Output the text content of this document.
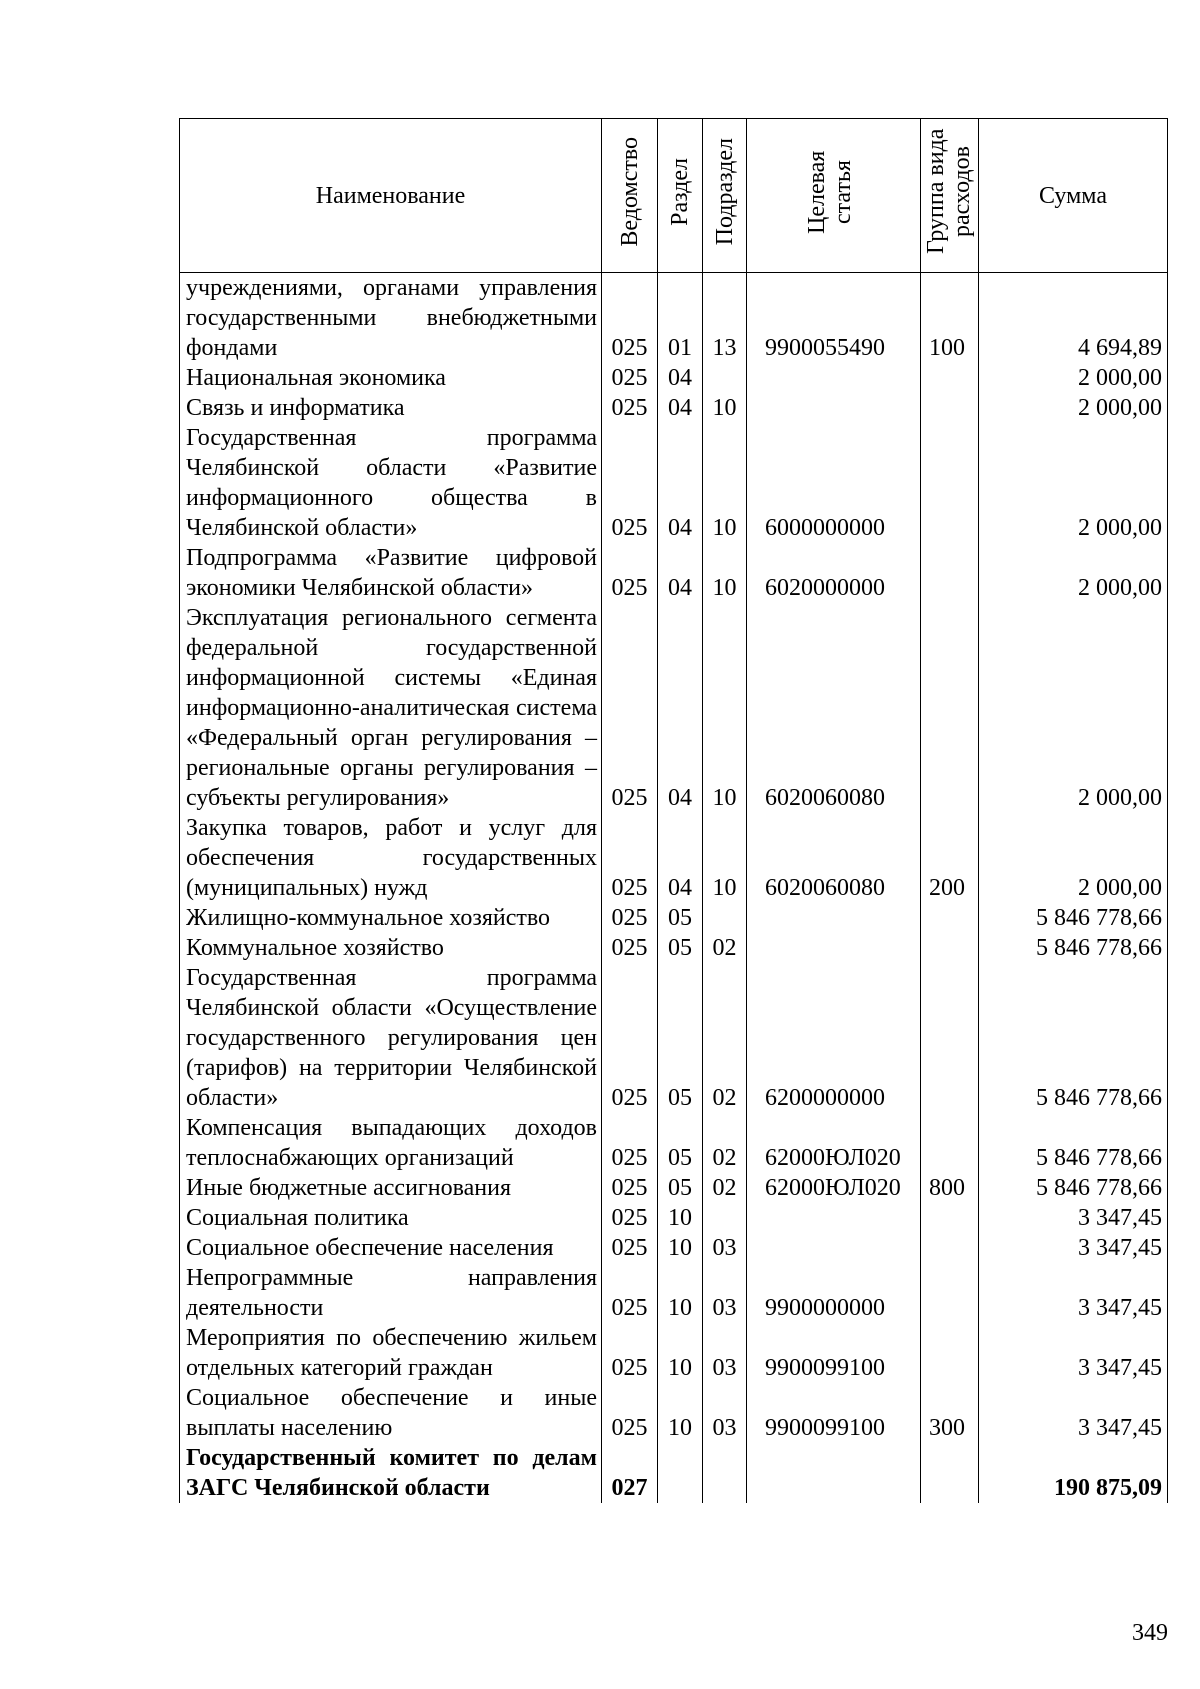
Наименование	Ведомство	Раздел	Подраздел	Целевая статья	Группа вида расходов	Сумма
учреждениями, органами управления государственными внебюджетными фондами	025	01	13	9900055490	100	4 694,89
Национальная экономика	025	04				2 000,00
Связь и информатика	025	04	10			2 000,00
Государственная программа Челябинской области «Развитие информационного общества в Челябинской области»	025	04	10	6000000000		2 000,00
Подпрограмма «Развитие цифровой экономики Челябинской области»	025	04	10	6020000000		2 000,00
Эксплуатация регионального сегмента федеральной государственной информационной системы «Единая информационно-аналитическая система «Федеральный орган регулирования – региональные органы регулирования – субъекты регулирования»	025	04	10	6020060080		2 000,00
Закупка товаров, работ и услуг для обеспечения государственных (муниципальных) нужд	025	04	10	6020060080	200	2 000,00
Жилищно-коммунальное хозяйство	025	05				5 846 778,66
Коммунальное хозяйство	025	05	02			5 846 778,66
Государственная программа Челябинской области «Осуществление государственного регулирования цен (тарифов) на территории Челябинской области»	025	05	02	6200000000		5 846 778,66
Компенсация выпадающих доходов теплоснабжающих организаций	025	05	02	62000ЮЛ020		5 846 778,66
Иные бюджетные ассигнования	025	05	02	62000ЮЛ020	800	5 846 778,66
Социальная политика	025	10				3 347,45
Социальное обеспечение населения	025	10	03			3 347,45
Непрограммные направления деятельности	025	10	03	9900000000		3 347,45
Мероприятия по обеспечению жильем отдельных категорий граждан	025	10	03	9900099100		3 347,45
Социальное обеспечение и иные выплаты населению	025	10	03	9900099100	300	3 347,45
Государственный комитет по делам ЗАГС Челябинской области	027					190 875,09
349
